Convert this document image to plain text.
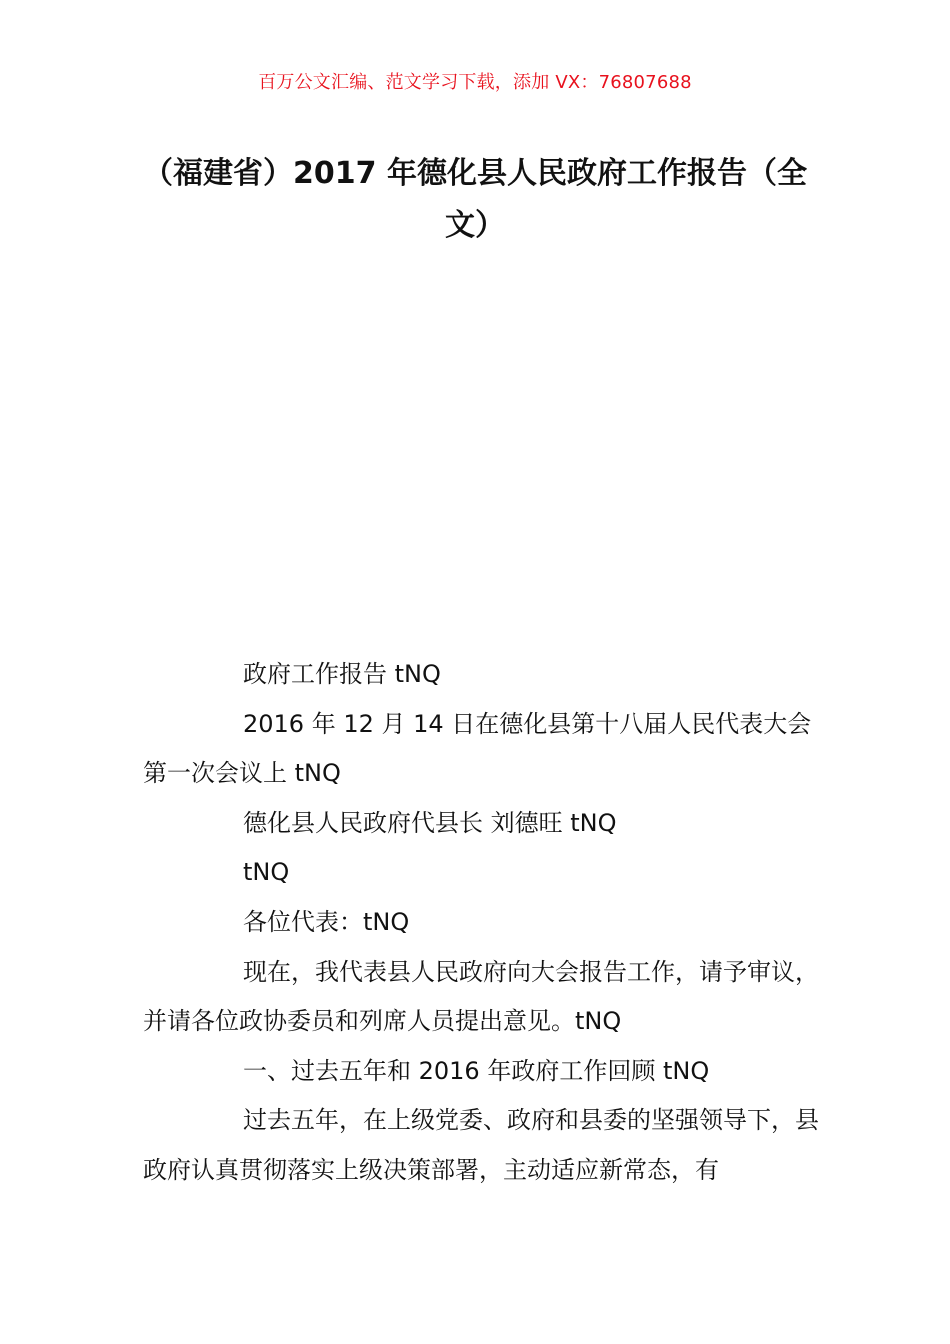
百万公文汇编、范文学习下载，添加 VX：76807688
（福建省）2017 年德化县人民政府工作报告（全文）

政府工作报告 tNQ

2016 年 12 月 14 日在德化县第十八届人民代表大会第一次会议上 tNQ

德化县人民政府代县长 刘德旺 tNQ

tNQ

各位代表：tNQ

现在，我代表县人民政府向大会报告工作，请予审议，并请各位政协委员和列席人员提出意见。tNQ

一、过去五年和 2016 年政府工作回顾 tNQ

过去五年，在上级党委、政府和县委的坚强领导下，县政府认真贯彻落实上级决策部署，主动适应新常态，有
